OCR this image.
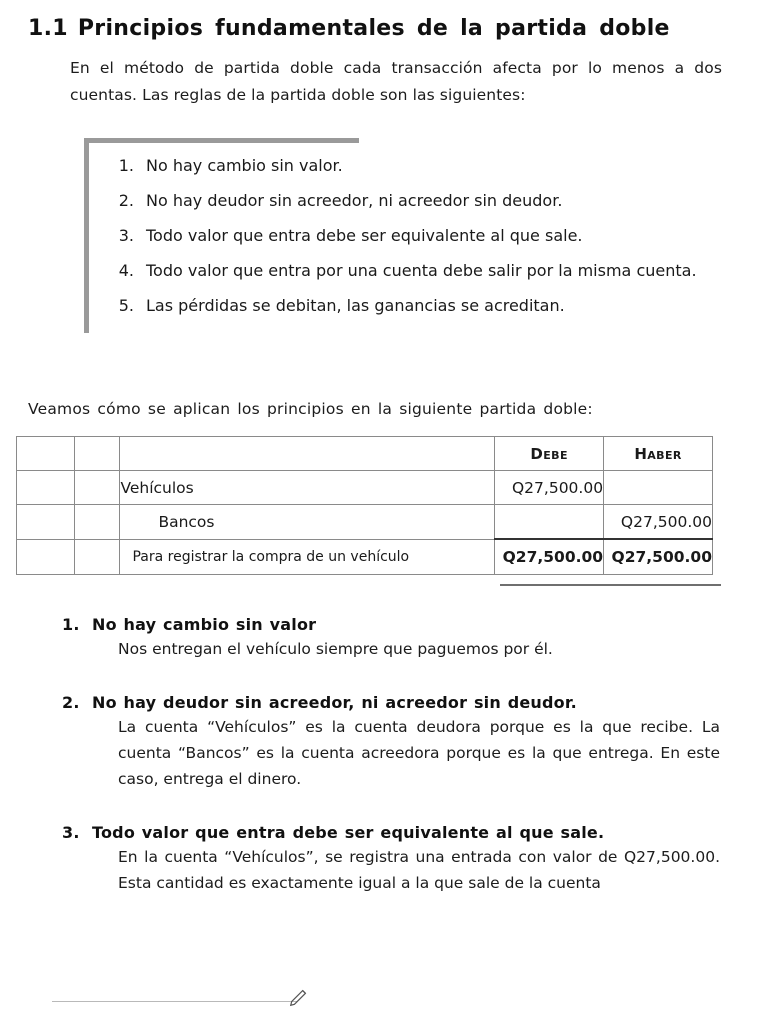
1.1 Principios fundamentales de la partida doble

En el método de partida doble cada transacción afecta por lo menos a dos cuentas. Las reglas de la partida doble son las siguientes:

1. No hay cambio sin valor.
2. No hay deudor sin acreedor, ni acreedor sin deudor.
3. Todo valor que entra debe ser equivalente al que sale.
4. Todo valor que entra por una cuenta debe salir por la misma cuenta.
5. Las pérdidas se debitan, las ganancias se acreditan.

Veamos cómo se aplican los principios en la siguiente partida doble:

			Debe	Haber
		Vehículos	Q27,500.00	
		Bancos		Q27,500.00
		Para registrar la compra de un vehículo	Q27,500.00	Q27,500.00
1. No hay cambio sin valor
Nos entregan el vehículo siempre que paguemos por él.
2. No hay deudor sin acreedor, ni acreedor sin deudor.
La cuenta “Vehículos” es la cuenta deudora porque es la que recibe. La cuenta “Bancos” es la cuenta acreedora porque es la que entrega. En este caso, entrega el dinero.
3. Todo valor que entra debe ser equivalente al que sale.
En la cuenta “Vehículos”, se registra una entrada con valor de Q27,500.00. Esta cantidad es exactamente igual a la que sale de la cuenta
